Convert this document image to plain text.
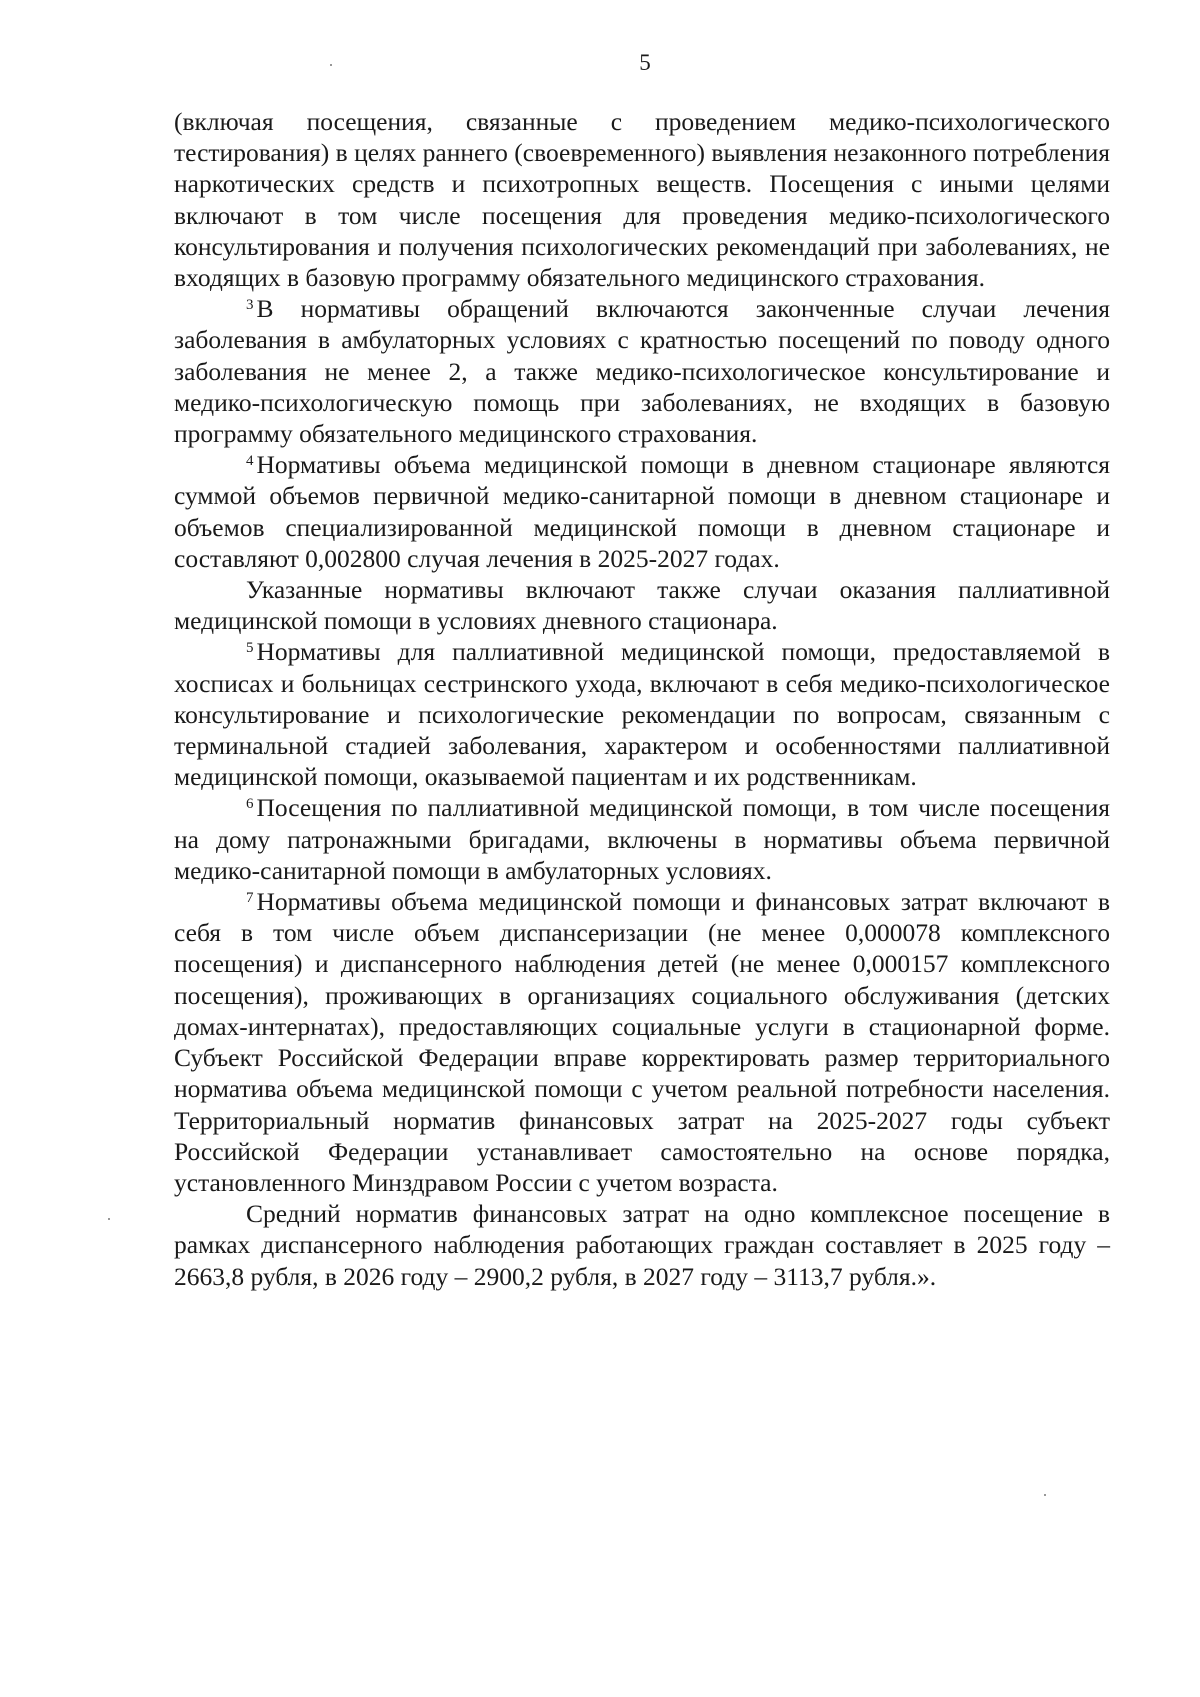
5

(включая посещения, связанные с проведением медико-психологического тестирования) в целях раннего (своевременного) выявления незаконного потребления наркотических средств и психотропных веществ. Посещения с иными целями включают в том числе посещения для проведения медико-психологического консультирования и получения психологических рекомендаций при заболеваниях, не входящих в базовую программу обязательного медицинского страхования.

$^3$ В нормативы обращений включаются законченные случаи лечения заболевания в амбулаторных условиях с кратностью посещений по поводу одного заболевания не менее 2, а также медико-психологическое консультирование и медико-психологическую помощь при заболеваниях, не входящих в базовую программу обязательного медицинского страхования.

$^4$ Нормативы объема медицинской помощи в дневном стационаре являются суммой объемов первичной медико-санитарной помощи в дневном стационаре и объемов специализированной медицинской помощи в дневном стационаре и составляют 0,002800 случая лечения в 2025-2027 годах.

Указанные нормативы включают также случаи оказания паллиативной медицинской помощи в условиях дневного стационара.

$^5$ Нормативы для паллиативной медицинской помощи, предоставляемой в хосписах и больницах сестринского ухода, включают в себя медико-психологическое консультирование и психологические рекомендации по вопросам, связанным с терминальной стадией заболевания, характером и особенностями паллиативной медицинской помощи, оказываемой пациентам и их родственникам.

$^6$ Посещения по паллиативной медицинской помощи, в том числе посещения на дому патронажными бригадами, включены в нормативы объема первичной медико-санитарной помощи в амбулаторных условиях.

$^7$ Нормативы объема медицинской помощи и финансовых затрат включают в себя в том числе объем диспансеризации (не менее 0,000078 комплексного посещения) и диспансерного наблюдения детей (не менее 0,000157 комплексного посещения), проживающих в организациях социального обслуживания (детских домах-интернатах), предоставляющих социальные услуги в стационарной форме. Субъект Российской Федерации вправе корректировать размер территориального норматива объема медицинской помощи с учетом реальной потребности населения. Территориальный норматив финансовых затрат на 2025-2027 годы субъект Российской Федерации устанавливает самостоятельно на основе порядка, установленного Минздравом России с учетом возраста.

Средний норматив финансовых затрат на одно комплексное посещение в рамках диспансерного наблюдения работающих граждан составляет в 2025 году – 2663,8 рубля, в 2026 году – 2900,2 рубля, в 2027 году – 3113,7 рубля.».
